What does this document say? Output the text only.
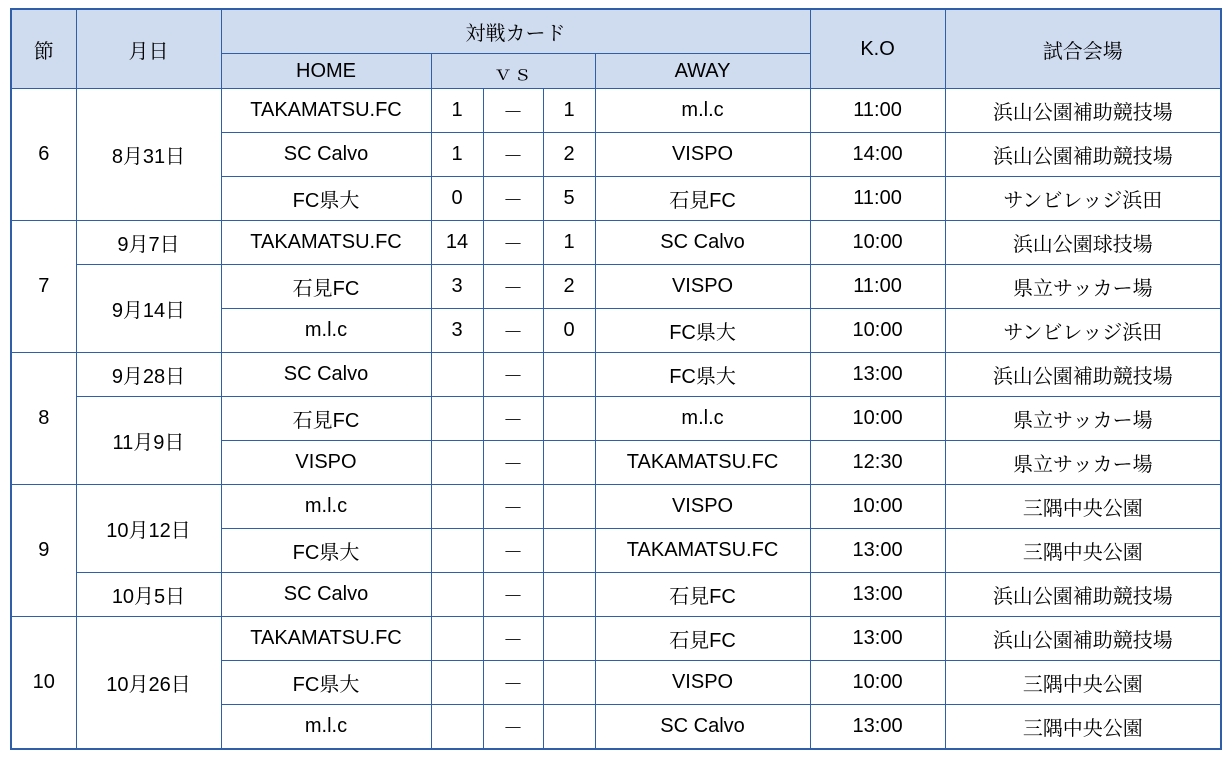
節	月日	対戦カード					K.O	試合会場
		HOME	ｖｓ			AWAY		
6	8月31日	TAKAMATSU.FC	1	－	1	m.l.c	11:00	浜山公園補助競技場
		SC Calvo	1	－	2	VISPO	14:00	浜山公園補助競技場
		FC県大	0	－	5	石見FC	11:00	サンビレッジ浜田
7	9月7日	TAKAMATSU.FC	14	－	1	SC Calvo	10:00	浜山公園球技場
	9月14日	石見FC	3	－	2	VISPO	11:00	県立サッカー場
		m.l.c	3	－	0	FC県大	10:00	サンビレッジ浜田
8	9月28日	SC Calvo		－		FC県大	13:00	浜山公園補助競技場
	11月9日	石見FC		－		m.l.c	10:00	県立サッカー場
		VISPO		－		TAKAMATSU.FC	12:30	県立サッカー場
9	10月12日	m.l.c		－		VISPO	10:00	三隅中央公園
		FC県大		－		TAKAMATSU.FC	13:00	三隅中央公園
	10月5日	SC Calvo		－		石見FC	13:00	浜山公園補助競技場
10	10月26日	TAKAMATSU.FC		－		石見FC	13:00	浜山公園補助競技場
		FC県大		－		VISPO	10:00	三隅中央公園
		m.l.c		－		SC Calvo	13:00	三隅中央公園
